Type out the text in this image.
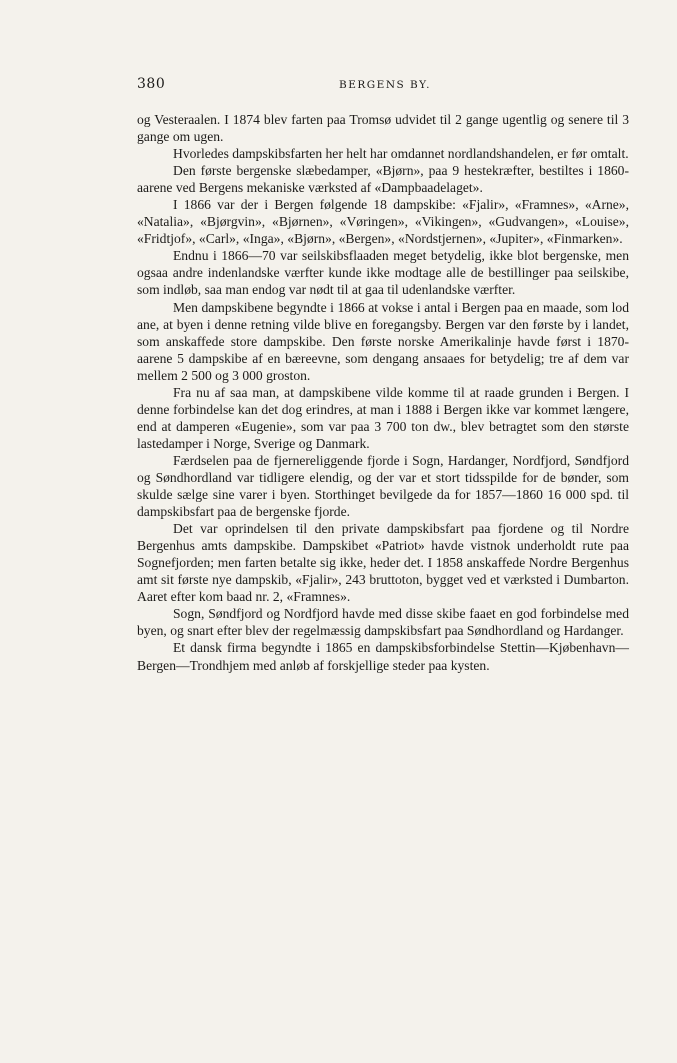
380	BERGENS BY.

og Vesteraalen. I 1874 blev farten paa Tromsø udvidet til 2 gange ugentlig og senere til 3 gange om ugen.

Hvorledes dampskibsfarten her helt har omdannet nordlandshandelen, er før omtalt.

Den første bergenske slæbedamper, «Bjørn», paa 9 hestekræfter, bestiltes i 1860-aarene ved Bergens mekaniske værksted af «Dampbaadelaget».

I 1866 var der i Bergen følgende 18 dampskibe: «Fjalir», «Framnes», «Arne», «Natalia», «Bjørgvin», «Bjørnen», «Vøringen», «Vikingen», «Gudvangen», «Louise», «Fridtjof», «Carl», «Inga», «Bjørn», «Bergen», «Nordstjernen», «Jupiter», «Finmarken».

Endnu i 1866—70 var seilskibsflaaden meget betydelig, ikke blot bergenske, men ogsaa andre indenlandske værfter kunde ikke modtage alle de bestillinger paa seilskibe, som indløb, saa man endog var nødt til at gaa til udenlandske værfter.

Men dampskibene begyndte i 1866 at vokse i antal i Bergen paa en maade, som lod ane, at byen i denne retning vilde blive en foregangsby. Bergen var den første by i landet, som anskaffede store dampskibe. Den første norske Amerikalinje havde først i 1870-aarene 5 dampskibe af en bæreevne, som dengang ansaaes for betydelig; tre af dem var mellem 2 500 og 3 000 groston.

Fra nu af saa man, at dampskibene vilde komme til at raade grunden i Bergen. I denne forbindelse kan det dog erindres, at man i 1888 i Bergen ikke var kommet længere, end at damperen «Eugenie», som var paa 3 700 ton dw., blev betragtet som den største lastedamper i Norge, Sverige og Danmark.

Færdselen paa de fjernereliggende fjorde i Sogn, Hardanger, Nordfjord, Søndfjord og Søndhordland var tidligere elendig, og der var et stort tidsspilde for de bønder, som skulde sælge sine varer i byen. Storthinget bevilgede da for 1857—1860 16 000 spd. til dampskibsfart paa de bergenske fjorde.

Det var oprindelsen til den private dampskibsfart paa fjordene og til Nordre Bergenhus amts dampskibe. Dampskibet «Patriot» havde vistnok underholdt rute paa Sognefjorden; men farten betalte sig ikke, heder det. I 1858 anskaffede Nordre Bergenhus amt sit første nye dampskib, «Fjalir», 243 bruttoton, bygget ved et værksted i Dumbarton. Aaret efter kom baad nr. 2, «Framnes».

Sogn, Søndfjord og Nordfjord havde med disse skibe faaet en god forbindelse med byen, og snart efter blev der regelmæssig dampskibsfart paa Søndhordland og Hardanger.

Et dansk firma begyndte i 1865 en dampskibsforbindelse Stettin—Kjøbenhavn—Bergen—Trondhjem med anløb af forskjellige steder paa kysten.
